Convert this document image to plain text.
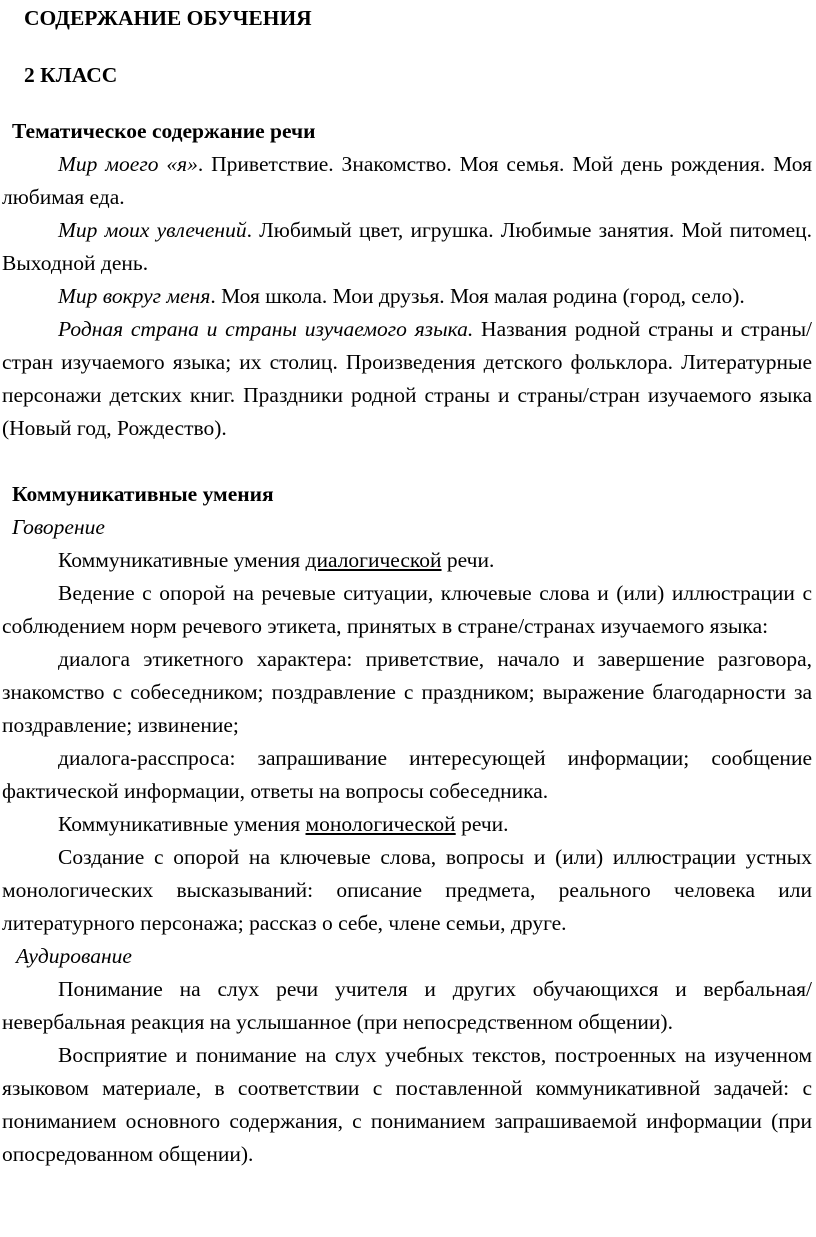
СОДЕРЖАНИЕ ОБУЧЕНИЯ

2 КЛАСС

Тематическое содержание речи

Мир моего «я». Приветствие. Знакомство. Моя семья. Мой день рождения. Моя любимая еда.

Мир моих увлечений. Любимый цвет, игрушка. Любимые занятия. Мой питомец. Выходной день.

Мир вокруг меня. Моя школа. Мои друзья. Моя малая родина (город, село).

Родная страна и страны изучаемого языка. Названия родной страны и страны/стран изучаемого языка; их столиц. Произведения детского фольклора. Литературные персонажи детских книг. Праздники родной страны и страны/стран изучаемого языка (Новый год, Рождество).

Коммуникативные умения

Говорение

Коммуникативные умения диалогической речи.

Ведение с опорой на речевые ситуации, ключевые слова и (или) иллюстрации с соблюдением норм речевого этикета, принятых в стране/странах изучаемого языка:

диалога этикетного характера: приветствие, начало и завершение разговора, знакомство с собеседником; поздравление с праздником; выражение благодарности за поздравление; извинение;

диалога-расспроса: запрашивание интересующей информации; сообщение фактической информации, ответы на вопросы собеседника.

Коммуникативные умения монологической речи.

Создание с опорой на ключевые слова, вопросы и (или) иллюстрации устных монологических высказываний: описание предмета, реального человека или литературного персонажа; рассказ о себе, члене семьи, друге.

Аудирование

Понимание на слух речи учителя и других обучающихся и вербальная/невербальная реакция на услышанное (при непосредственном общении).

Восприятие и понимание на слух учебных текстов, построенных на изученном языковом материале, в соответствии с поставленной коммуникативной задачей: с пониманием основного содержания, с пониманием запрашиваемой информации (при опосредованном общении).
